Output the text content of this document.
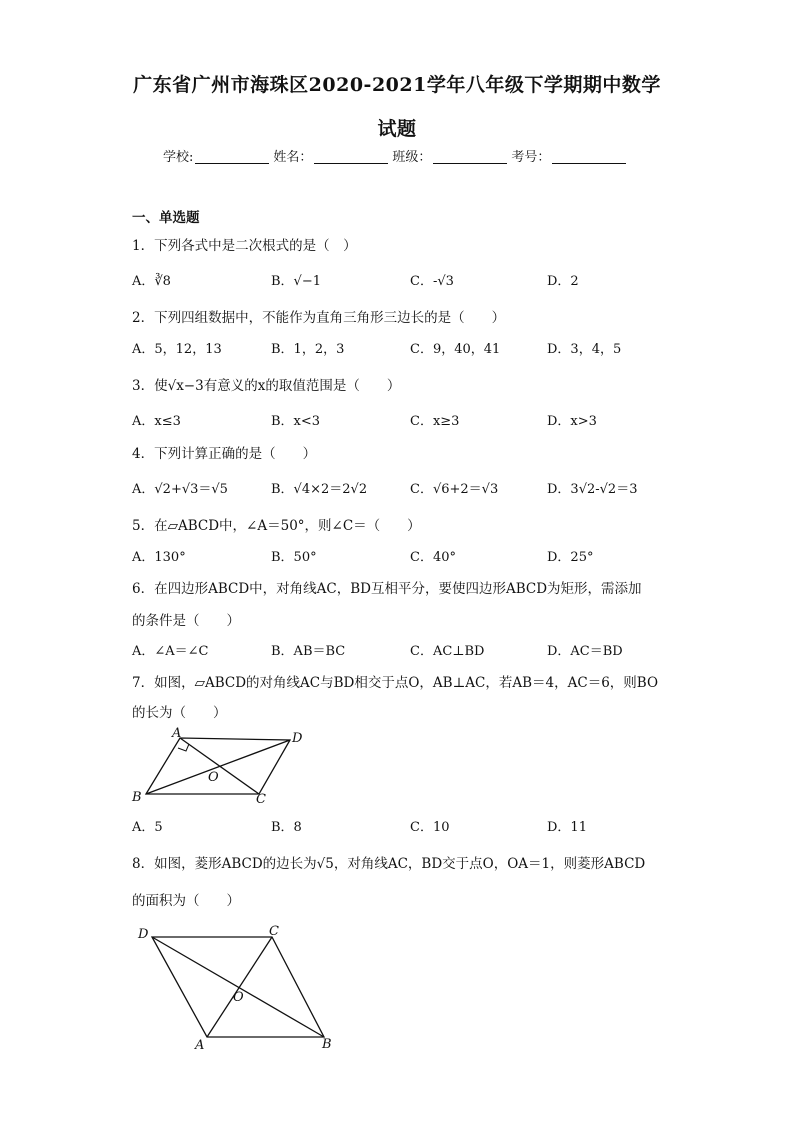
广东省广州市海珠区2020-2021学年八年级下学期期中数学
试题
学校:	姓名：	班级：	考号：
一、单选题
1．下列各式中是二次根式的是（　）
A．∛8	B．√−1	C．-√3	D．2
2．下列四组数据中，不能作为直角三角形三边长的是（　　）
A．5，12，13	B．1，2，3	C．9，40，41	D．3，4，5
3．使√x−3有意义的x的取值范围是（　　）
A．x≤3	B．x<3	C．x≥3	D．x>3
4．下列计算正确的是（　　）
A．√2+√3＝√5	B．√4×2＝2√2	C．√6+2＝√3	D．3√2-√2＝3
5．在▱ABCD中，∠A＝50°，则∠C＝（　　）
A．130°	B．50°	C．40°	D．25°
6．在四边形ABCD中，对角线AC，BD互相平分，要使四边形ABCD为矩形，需添加
的条件是（　　）
A．∠A＝∠C	B．AB＝BC	C．AC⊥BD	D．AC＝BD
7．如图，▱ABCD的对角线AC与BD相交于点O，AB⊥AC，若AB＝4，AC＝6，则BO
的长为（　　）
A	D
O
B	C
A．5	B．8	C．10	D．11
8．如图，菱形ABCD的边长为√5，对角线AC，BD交于点O，OA＝1，则菱形ABCD
的面积为（　　）
D	C
O
A	B
